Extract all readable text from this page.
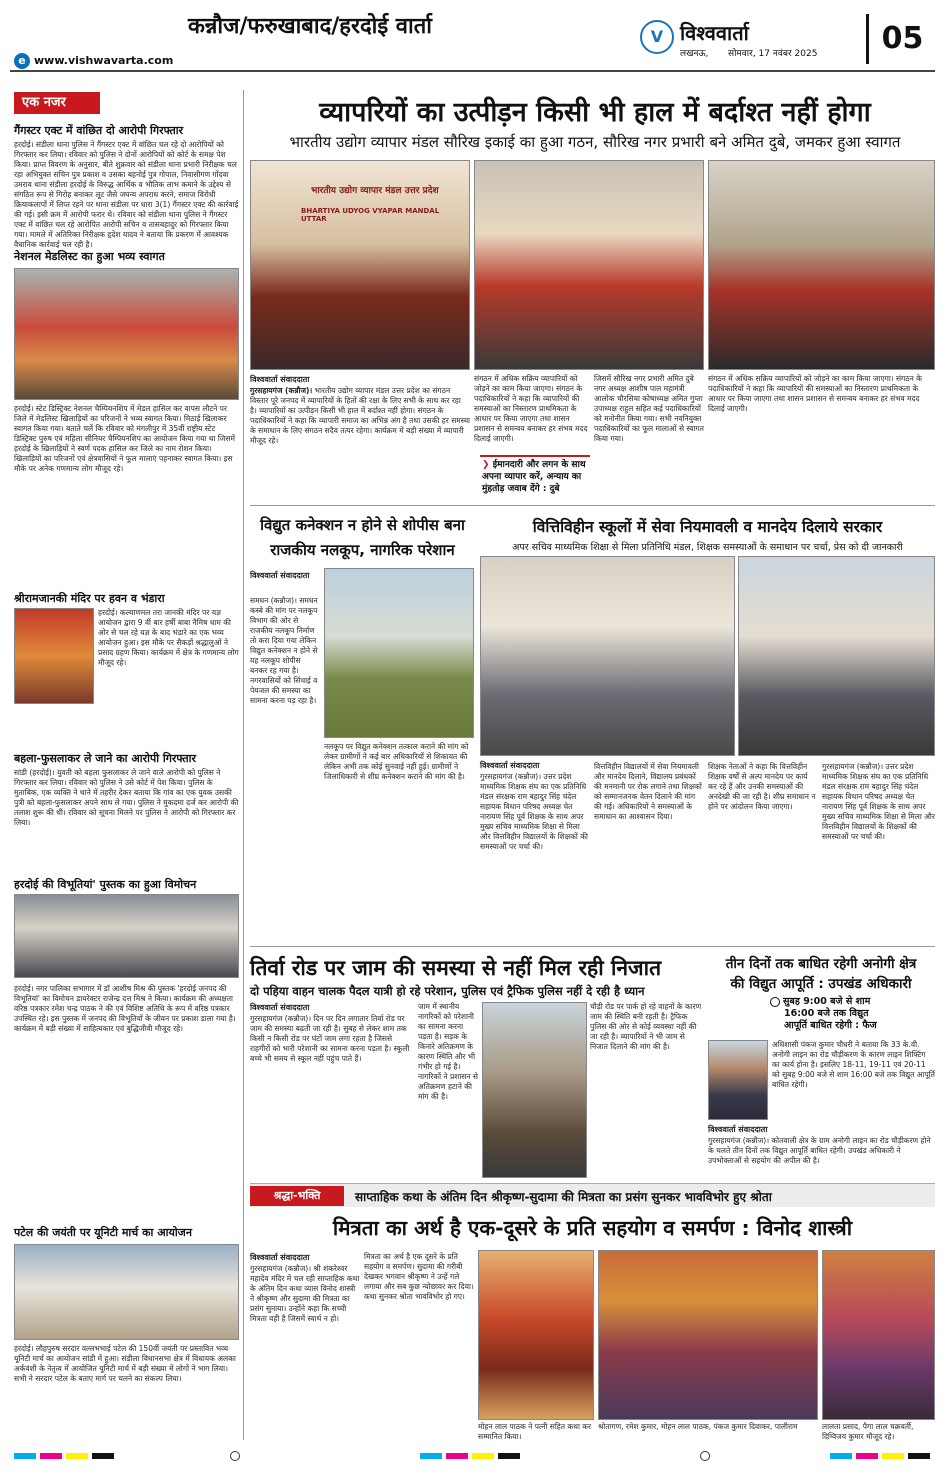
कन्नौज/फरुखाबाद/हरदोई वार्ता
e www.vishwavarta.com
V विश्ववार्ता
लखनऊ, सोमवार, 17 नवंबर 2025	05
एक नजर
गैंगस्टर एक्ट में वांछित दो आरोपी गिरफ्तार
हरदोई। संडीला थाना पुलिस ने गैंगस्टर एक्ट में वांछित चल रहे दो आरोपियों को गिरफ्तार कर लिया। रविवार को पुलिस ने दोनों आरोपियों को कोर्ट के समक्ष पेश किया। प्राप्त विवरण के अनुसार, बीते शुक्रवार को संडीला थाना प्रभारी निरीक्षक चल रहा अभियुक्त सचिन पुत्र प्रकाश व उसका बहनोई पुत्र गोपाल, निवासीगण गोंदवा उमराव थाना संडीला हरदोई के विरुद्ध आर्थिक व भौतिक लाभ कमाने के उद्देश्य से संगठित रूप से गिरोह बनाकर लूट जैसे जघन्य अपराध करने, समाज विरोधी क्रियाकलापों में लिप्त रहने पर थाना संडीला पर धारा 3(1) गैंगस्टर एक्ट की कार्रवाई की गई। इसी क्रम में आरोपी फरार थे। रविवार को संडीला थाना पुलिस ने गैंगस्टर एक्ट में वांछित चल रहे आरोपित आरोपी सचिन व तासबहादुर को गिरफ्तार किया गया। मामले में अतिरिक्त निरीक्षक हृदेश यादव ने बताया कि प्रकरण में आवश्यक वैधानिक कार्रवाई चल रही है।
नेशनल मेडलिस्ट का हुआ भव्य स्वागत
हरदोई। स्टेट डिस्ट्रिक्ट नेशनल चैम्पियनशिप में मेडल हासिल कर वापस लौटने पर जिले में मेडलिस्ट खिलाड़ियों का परिजनों ने भव्य स्वागत किया। मिठाई खिलाकर स्वागत किया गया। बताते चलें कि रविवार को मंगलीपुर में 35वीं राष्ट्रीय स्टेट डिस्ट्रिक्ट पुरुष एवं महिला सीनियर चैम्पियनशिप का आयोजन किया गया था जिसमें हरदोई के खिलाड़ियों ने स्वर्ण पदक हासिल कर जिले का नाम रोशन किया। खिलाड़ियों का परिजनों एवं क्षेत्रवासियों ने फूल मालाएं पहनाकर स्वागत किया। इस मौके पर अनेक गणमान्य लोग मौजूद रहे।
श्रीरामजानकी मंदिर पर हवन व भंडारा
हरदोई। कल्याणमल तरा जानकी मंदिर पर यज्ञ आयोजन द्वारा 9 वीं बार हर्षी बाबा नैमिष धाम की ओर से चल रहे यज्ञ के बाद भंडारे का एक भव्य आयोजन हुआ। इस मौके पर सैकड़ों श्रद्धालुओं ने प्रसाद ग्रहण किया। कार्यक्रम में क्षेत्र के गणमान्य लोग मौजूद रहे।
बहला-फुसलाकर ले जाने का आरोपी गिरफ्तार
सांडी (हरदोई)। युवती को बहला फुसलाकर ले जाने वाले आरोपी को पुलिस ने गिरफ्तार कर लिया। रविवार को पुलिस ने उसे कोर्ट में पेश किया। पुलिस के मुताबिक, एक व्यक्ति ने थाने में तहरीर देकर बताया कि गांव का एक युवक उसकी पुत्री को बहला-फुसलाकर अपने साथ ले गया। पुलिस ने मुकदमा दर्ज कर आरोपी की तलाश शुरू की थी। रविवार को सूचना मिलने पर पुलिस ने आरोपी को गिरफ्तार कर लिया।
हरदोई की विभूतियां' पुस्तक का हुआ विमोचन
हरदोई। नगर पालिका सभागार में डॉ आशीष मिश्र की पुस्तक 'हरदोई जनपद की विभूतियां' का विमोचन डायरेक्टर राजेन्द्र दत्त मिश्र ने किया। कार्यक्रम की अध्यक्षता वरिष्ठ पत्रकार रमेश चन्द्र पाठक ने की एवं विशिष्ट अतिथि के रूप में वरिष्ठ पत्रकार उपस्थित रहे। इस पुस्तक में जनपद की विभूतियों के जीवन पर प्रकाश डाला गया है। कार्यक्रम में बड़ी संख्या में साहित्यकार एवं बुद्धिजीवी मौजूद रहे।
पटेल की जयंती पर यूनिटी मार्च का आयोजन
हरदोई। लौहपुरुष सरदार वल्लभभाई पटेल की 150वीं जयंती पर प्रस्तावित भव्य यूनिटी मार्च का आयोजन सांडी में हुआ। संडीला विधानसभा क्षेत्र में विधायक अलका अर्कवंशी के नेतृत्व में आयोजित यूनिटी मार्च में बड़ी संख्या में लोगों ने भाग लिया। सभी ने सरदार पटेल के बताए मार्ग पर चलने का संकल्प लिया।
व्यापरियों का उत्पीड़न किसी भी हाल में बर्दाश्त नहीं होगा
भारतीय उद्योग व्यापार मंडल सौरिख इकाई का हुआ गठन, सौरिख नगर प्रभारी बने अमित दुबे, जमकर हुआ स्वागत
भारतीय उद्योग व्यापार मंडल उत्तर प्रदेश
BHARTIYA UDYOG VYAPAR MANDAL UTTAR
विश्ववार्ता संवाददाता
गुरसहायगंज (कन्नौज)। भारतीय उद्योग व्यापार मंडल उत्तर प्रदेश का संगठन विस्तार पूरे जनपद में व्यापारियों के हितों की रक्षा के लिए सभी के साथ कर रहा है। व्यापारियों का उत्पीड़न किसी भी हाल में बर्दाश्त नहीं होगा। संगठन के पदाधिकारियों ने कहा कि व्यापारी समाज का अभिन्न अंग है तथा उसकी हर समस्या के समाधान के लिए संगठन सदैव तत्पर रहेगा। कार्यक्रम में बड़ी संख्या में व्यापारी मौजूद रहे।
संगठन में अधिक सक्रिय व्यापारियों को जोड़ने का काम किया जाएगा। संगठन के पदाधिकारियों ने कहा कि व्यापारियों की समस्याओं का निस्तारण प्राथमिकता के आधार पर किया जाएगा तथा शासन प्रशासन से समन्वय बनाकर हर संभव मदद दिलाई जाएगी।
❯ ईमानदारी और लगन के साथ अपना व्यापार करें, अन्याय का मुंहतोड़ जवाब देंगे : दुबे
जिसमें सौरिख नगर प्रभारी अमित दुबे नगर अध्यक्ष आशीष पाल महामंत्री आलोक चौरसिया कोषाध्यक्ष अमित गुप्ता उपाध्यक्ष राहुल सहित कई पदाधिकारियों को मनोनीत किया गया। सभी नवनियुक्त पदाधिकारियों का फूल मालाओं से स्वागत किया गया।
संगठन में अधिक सक्रिय व्यापारियों को जोड़ने का काम किया जाएगा। संगठन के पदाधिकारियों ने कहा कि व्यापारियों की समस्याओं का निस्तारण प्राथमिकता के आधार पर किया जाएगा तथा शासन प्रशासन से समन्वय बनाकर हर संभव मदद दिलाई जाएगी।
विद्युत कनेक्शन न होने से शोपीस बना
राजकीय नलकूप, नागरिक परेशान
विश्ववार्ता संवाददाता
समधन (कन्नौज)। समधन कस्बे की मांग पर नलकूप विभाग की ओर से राजकीय नलकूप निर्माण तो करा दिया गया लेकिन विद्युत कनेक्शन न होने से यह नलकूप शोपीस बनकर रह गया है। नगरवासियों को सिंचाई व पेयजल की समस्या का सामना करना पड़ रहा है।
नलकूप पर विद्युत कनेक्शन तत्काल कराने की मांग को लेकर ग्रामीणों ने कई बार अधिकारियों से शिकायत की लेकिन अभी तक कोई सुनवाई नहीं हुई। ग्रामीणों ने जिलाधिकारी से शीघ्र कनेक्शन कराने की मांग की है।
वित्तिविहीन स्कूलों में सेवा नियमावली व मानदेय दिलाये सरकार
अपर सचिव माध्यमिक शिक्षा से मिला प्रतिनिधि मंडल, शिक्षक समस्याओं के समाधान पर चर्चा, प्रेस को दी जानकारी
विश्ववार्ता संवाददाता
गुरसहायगंज (कन्नौज)। उत्तर प्रदेश माध्यमिक शिक्षक संघ का एक प्रतिनिधि मंडल संरक्षक राम बहादुर सिंह चंदेल सहायक विधान परिषद अध्यक्ष चेत नारायण सिंह पूर्व शिक्षक के साथ अपर मुख्य सचिव माध्यमिक शिक्षा से मिला और वित्तविहीन विद्यालयों के शिक्षकों की समस्याओं पर चर्चा की।
वित्तविहीन विद्यालयों में सेवा नियमावली और मानदेय दिलाने, विद्यालय प्रबंधकों की मनमानी पर रोक लगाने तथा शिक्षकों को सम्मानजनक वेतन दिलाने की मांग की गई। अधिकारियों ने समस्याओं के समाधान का आश्वासन दिया।
शिक्षक नेताओं ने कहा कि वित्तविहीन शिक्षक वर्षों से अल्प मानदेय पर कार्य कर रहे हैं और उनकी समस्याओं की अनदेखी की जा रही है। शीघ्र समाधान न होने पर आंदोलन किया जाएगा।
गुरसहायगंज (कन्नौज)। उत्तर प्रदेश माध्यमिक शिक्षक संघ का एक प्रतिनिधि मंडल संरक्षक राम बहादुर सिंह चंदेल सहायक विधान परिषद अध्यक्ष चेत नारायण सिंह पूर्व शिक्षक के साथ अपर मुख्य सचिव माध्यमिक शिक्षा से मिला और वित्तविहीन विद्यालयों के शिक्षकों की समस्याओं पर चर्चा की।
तिर्वा रोड पर जाम की समस्या से नहीं मिल रही निजात
दो पहिया वाहन चालक पैदल यात्री हो रहे परेशान, पुलिस एवं ट्रैफिक पुलिस नहीं दे रही है ध्यान
विश्ववार्ता संवाददाता
गुरसहायगंज (कन्नौज)। दिन पर दिन लगातार तिर्वा रोड पर जाम की समस्या बढ़ती जा रही है। सुबह से लेकर शाम तक किसी न किसी रोड पर घंटों जाम लगा रहता है जिससे राहगीरों को भारी परेशानी का सामना करना पड़ता है। स्कूली बच्चे भी समय से स्कूल नहीं पहुंच पाते हैं।
जाम में स्थानीय नागरिकों को परेशानी का सामना करना पड़ता है। सड़क के किनारे अतिक्रमण के कारण स्थिति और भी गंभीर हो गई है। नागरिकों ने प्रशासन से अतिक्रमण हटाने की मांग की है।
चौड़ी रोड पर पार्क हो रहे वाहनों के कारण जाम की स्थिति बनी रहती है। ट्रैफिक पुलिस की ओर से कोई व्यवस्था नहीं की जा रही है। व्यापारियों ने भी जाम से निजात दिलाने की मांग की है।
तीन दिनों तक बाधित रहेगी अनोगी क्षेत्र
की विद्युत आपूर्ति : उपखंड अधिकारी
सुबह 9:00 बजे से शाम
16:00 बजे तक विद्युत
आपूर्ति बाधित रहेगी : फैज
अधिशासी पंकज कुमार चौधरी ने बताया कि 33 के.वी. अनोगी लाइन का रोड चौड़ीकरण के कारण लाइन शिफ्टिंग का कार्य होना है। इसलिए 18-11, 19-11 एवं 20-11 को सुबह 9:00 बजे से शाम 16:00 बजे तक विद्युत आपूर्ति बाधित रहेगी।
विश्ववार्ता संवाददाता
गुरसहायगंज (कन्नौज)। कोतवाली क्षेत्र के ग्राम अनोगी लाइन का रोड चौड़ीकरण होने के चलते तीन दिनों तक विद्युत आपूर्ति बाधित रहेगी। उपखंड अधिकारी ने उपभोक्ताओं से सहयोग की अपील की है।
श्रद्धा-भक्ति	साप्ताहिक कथा के अंतिम दिन श्रीकृष्ण-सुदामा की मित्रता का प्रसंग सुनकर भावविभोर हुए श्रोता
मित्रता का अर्थ है एक-दूसरे के प्रति सहयोग व समर्पण : विनोद शास्त्री
विश्ववार्ता संवाददाता
गुरसहायगंज (कन्नौज)। श्री शंकरेश्वर महादेव मंदिर में चल रही साप्ताहिक कथा के अंतिम दिन कथा व्यास विनोद शास्त्री ने श्रीकृष्ण और सुदामा की मित्रता का प्रसंग सुनाया। उन्होंने कहा कि सच्ची मित्रता वही है जिसमें स्वार्थ न हो।
मित्रता का अर्थ है एक दूसरे के प्रति सहयोग व समर्पण। सुदामा की गरीबी देखकर भगवान श्रीकृष्ण ने उन्हें गले लगाया और सब कुछ न्योछावर कर दिया। कथा सुनकर श्रोता भावविभोर हो गए।
मोहन लाल पाठक ने पत्नी सहित कथा कर सम्मानित किया।
श्रोतागण, रमेश कुमार, मोहन लाल पाठक, पंकज कुमार दिवाकर, पालीराम	लालता प्रसाद, पैगा लाल चक्रवर्ती, दिग्विजय कुमार मौजूद रहे।
